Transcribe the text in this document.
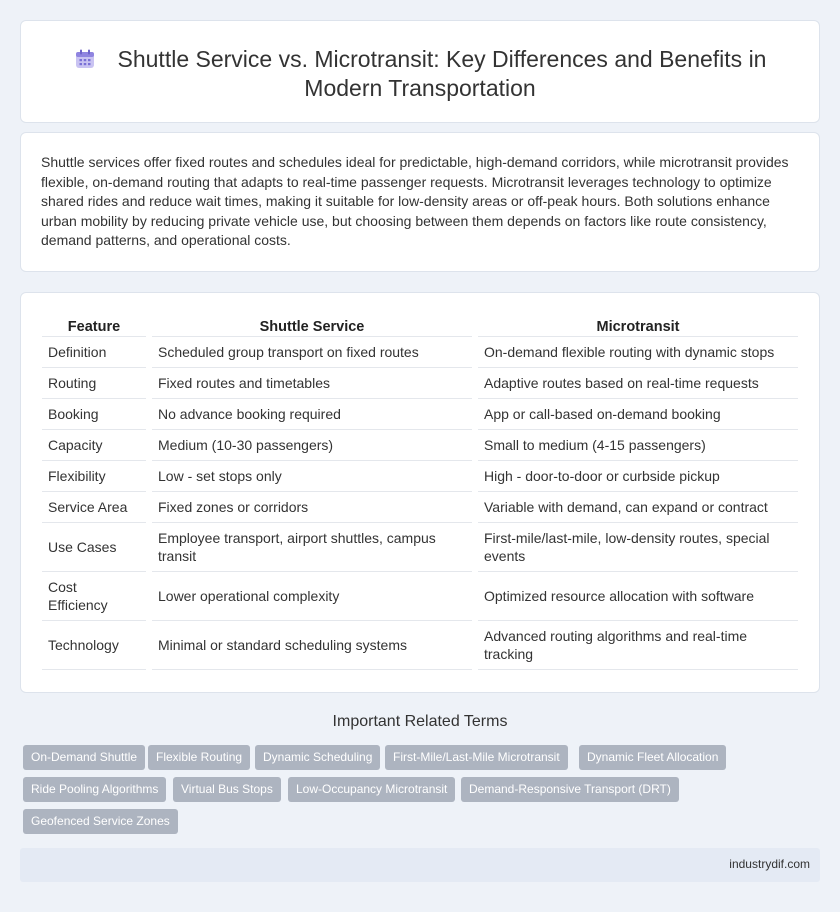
Shuttle Service vs. Microtransit: Key Differences and Benefits in Modern Transportation

Shuttle services offer fixed routes and schedules ideal for predictable, high-demand corridors, while microtransit provides flexible, on-demand routing that adapts to real-time passenger requests. Microtransit leverages technology to optimize shared rides and reduce wait times, making it suitable for low-density areas or off-peak hours. Both solutions enhance urban mobility by reducing private vehicle use, but choosing between them depends on factors like route consistency, demand patterns, and operational costs.

Feature	Shuttle Service	Microtransit
Definition	Scheduled group transport on fixed routes	On-demand flexible routing with dynamic stops
Routing	Fixed routes and timetables	Adaptive routes based on real-time requests
Booking	No advance booking required	App or call-based on-demand booking
Capacity	Medium (10-30 passengers)	Small to medium (4-15 passengers)
Flexibility	Low - set stops only	High - door-to-door or curbside pickup
Service Area	Fixed zones or corridors	Variable with demand, can expand or contract
Use Cases	Employee transport, airport shuttles, campus transit	First-mile/last-mile, low-density routes, special events
Cost Efficiency	Lower operational complexity	Optimized resource allocation with software
Technology	Minimal or standard scheduling systems	Advanced routing algorithms and real-time tracking
Important Related Terms
On-Demand Shuttle	Flexible Routing	Dynamic Scheduling	First-Mile/Last-Mile Microtransit	Dynamic Fleet Allocation
Ride Pooling Algorithms	Virtual Bus Stops	Low-Occupancy Microtransit	Demand-Responsive Transport (DRT)
Geofenced Service Zones
industrydif.com
